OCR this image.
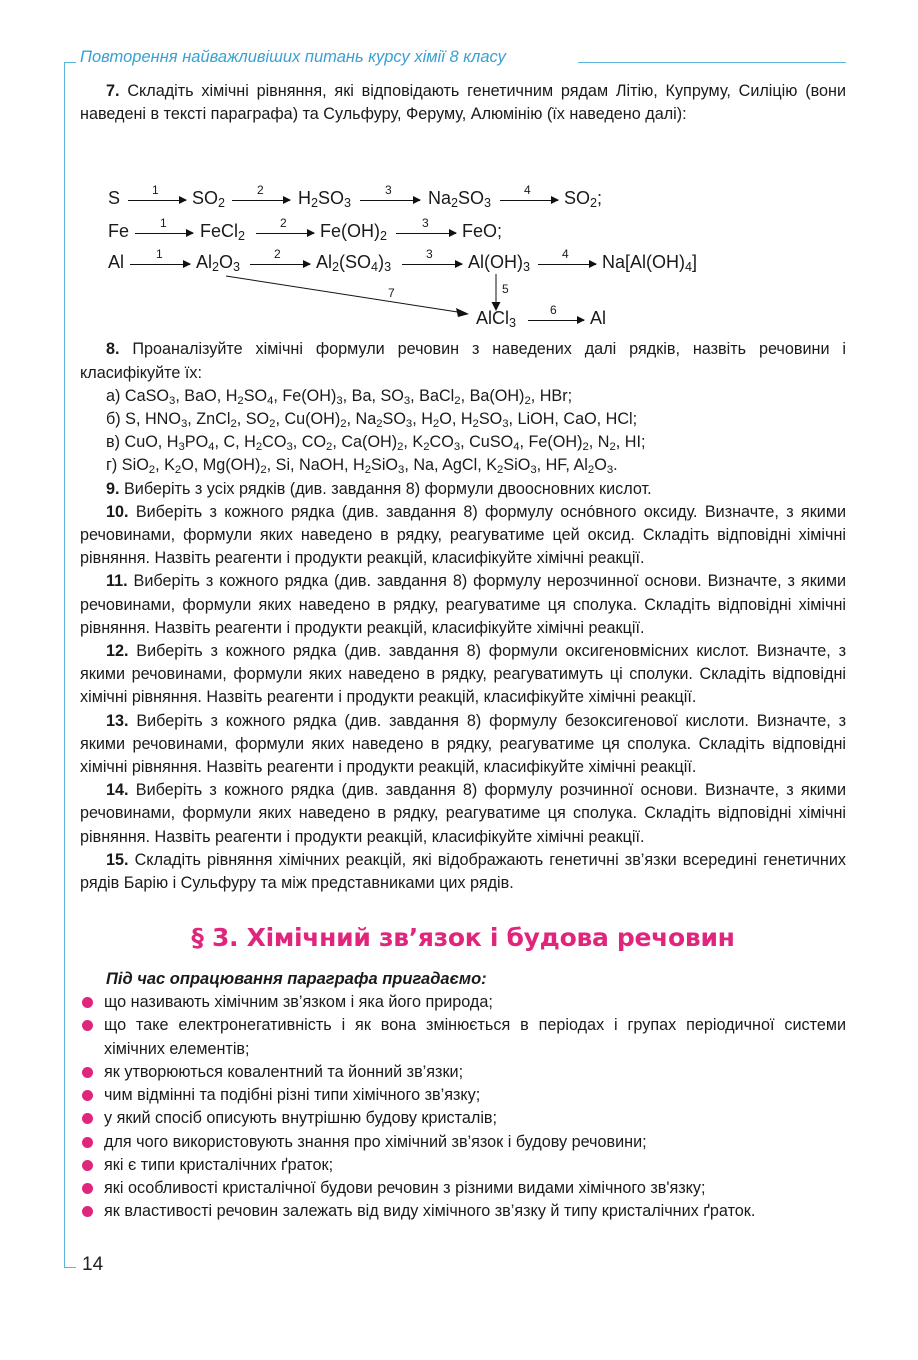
Повторення найважливіших питань курсу хімії 8 класу

7. Складіть хімічні рівняння, які відповідають генетичним рядам Літію, Купруму, Силіцію (вони наведені в тексті параграфа) та Сульфуру, Феруму, Алюмінію (їх наведено далі):

S	1 $SO_2$
2 $H_2SO_3$
3 $Na_2SO_3$
4 $SO_2$;
Fe	1 FeCl$_2$
2 $Fe(OH)_2$
3 FeO;
Al	1 $Al_2O_3$
2 $Al_2(SO_4)_3$
3 $Al(OH)_3$
4 $Na[Al(OH)_4]$
5
7
AlCl$_3$
6 Al

8. Проаналізуйте хімічні формули речовин з наведених далі рядків, назвіть речовини і класифікуйте їх:

а) CaSO$_3$, BaO, $H_2SO_4$, $Fe(OH)_3$, Ba, $SO_3$, BaCl$_2$, $Ba(OH)_2$, HBr;

б) S, $HNO_3$, ZnCl$_2$, $SO_2$, $Cu(OH)_2$, $Na_2SO_3$, $H_2O$, $H_2SO_3$, LiOH, CaO, HCl;

в) CuO, $H_3PO_4$, C, $H_2CO_3$, $CO_2$, $Ca(OH)_2$, $K_2CO_3$, CuSO$_4$, $Fe(OH)_2$, $N_2$, HI;

г) SiO$_2$, $K_2O$, $Mg(OH)_2$, Si, NaOH, $H_2SiO_3$, Na, AgCl, $K_2SiO_3$, HF, $Al_2O_3$.

9. Виберіть з усіх рядків (див. завдання 8) формули двоосновних кислот.

10. Виберіть з кожного рядка (див. завдання 8) формулу оснóвного оксиду. Визначте, з якими речовинами, формули яких наведено в рядку, реагуватиме цей оксид. Складіть відповідні хімічні рівняння. Назвіть реагенти і продукти реакцій, класифікуйте хімічні реакції.

11. Виберіть з кожного рядка (див. завдання 8) формулу нерозчинної основи. Визначте, з якими речовинами, формули яких наведено в рядку, реагуватиме ця сполука. Складіть відповідні хімічні рівняння. Назвіть реагенти і продукти реакцій, класифікуйте хімічні реакції.

12. Виберіть з кожного рядка (див. завдання 8) формули оксигеновмісних кислот. Визначте, з якими речовинами, формули яких наведено в рядку, реагуватимуть ці сполуки. Складіть відповідні хімічні рівняння. Назвіть реагенти і продукти реакцій, класифікуйте хімічні реакції.

13. Виберіть з кожного рядка (див. завдання 8) формулу безоксигенової кислоти. Визначте, з якими речовинами, формули яких наведено в рядку, реагуватиме ця сполука. Складіть відповідні хімічні рівняння. Назвіть реагенти і продукти реакцій, класифікуйте хімічні реакції.

14. Виберіть з кожного рядка (див. завдання 8) формулу розчинної основи. Визначте, з якими речовинами, формули яких наведено в рядку, реагуватиме ця сполука. Складіть відповідні хімічні рівняння. Назвіть реагенти і продукти реакцій, класифікуйте хімічні реакції.

15. Складіть рівняння хімічних реакцій, які відображають генетичні зв’язки всередині генетичних рядів Барію і Сульфуру та між представниками цих рядів.

§ 3. Хімічний зв’язок і будова речовин
Під час опрацювання параграфа пригадаємо:
що називають хімічним зв’язком і яка його природа;
що таке електронегативність і як вона змінюється в періодах і групах періодичної системи хімічних елементів;
як утворюються ковалентний та йонний зв’язки;
чим відмінні та подібні різні типи хімічного зв’язку;
у який спосіб описують внутрішню будову кристалів;
для чого використовують знання про хімічний зв’язок і будову речовини;
які є типи кристалічних ґраток;
які особливості кристалічної будови речовин з різними видами хімічного зв'язку;
як властивості речовин залежать від виду хімічного зв’язку й типу кристалічних ґраток.
14
